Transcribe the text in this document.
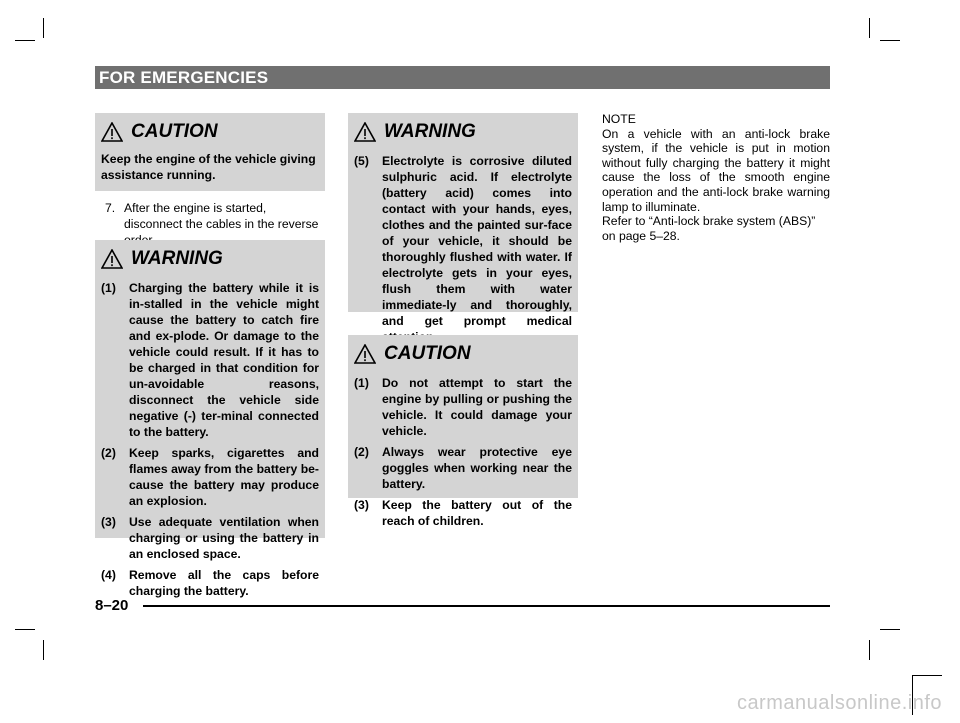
FOR EMERGENCIES
CAUTION
Keep the engine of the vehicle giving assistance running.
7. After the engine is started, disconnect the cables in the reverse
WARNING
(1)	Charging the battery while it is in-stalled in the vehicle might cause the battery to catch fire and ex-plode. Or damage to the vehicle could result. If it has to be charged in that condition for un-avoidable reasons, disconnect the vehicle side negative (-) ter-minal connected to the battery.
(2)	Keep sparks, cigarettes and flames away from the battery be-cause the battery may produce an explosion.
(3)	Use adequate ventilation when charging or using the battery in an enclosed space.
(4)	Remove all the caps before charging the battery.
WARNING
(5)	Electrolyte is corrosive diluted sulphuric acid. If electrolyte (battery acid) comes into contact with your hands, eyes, clothes and the painted sur-face of your vehicle, it should be thoroughly flushed with water. If electrolyte gets in your eyes, flush them with water immediate-ly and thoroughly, and get prompt medical
CAUTION
(1)	Do not attempt to start the engine by pulling or pushing the vehicle. It could damage your vehicle.
(2)	Always wear protective eye goggles when working near the battery.
(3)	Keep the battery out of the reach of children.
NOTE
On a vehicle with an anti-lock brake system, if the vehicle is put in motion without fully charging the battery it might cause the loss of the smooth engine operation and the anti-lock brake warning lamp to illuminate.
Refer to “Anti-lock brake system (ABS)” on page 5–28.
8–20
carmanualsonline.info
